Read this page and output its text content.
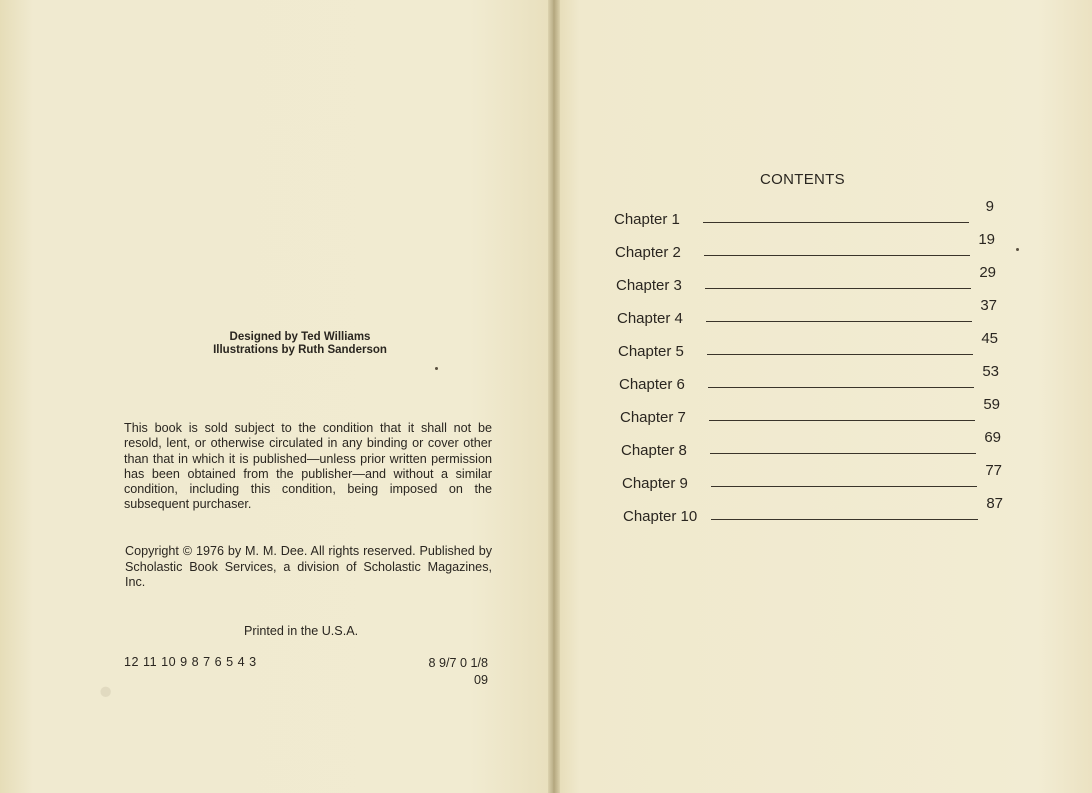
·
Designed by Ted Williams
Illustrations by Ruth Sanderson
This book is sold subject to the condition that it shall not be resold, lent, or otherwise circulated in any binding or cover other than that in which it is published—unless prior written permission has been obtained from the publisher—and without a similar condition, including this condition, being imposed on the subsequent purchaser.
Copyright © 1976 by M. M. Dee. All rights reserved. Published by Scholastic Book Services, a division of Scholastic Magazines, Inc.
Printed in the U.S.A.
12 11 10 9 8 7 6 5 4 3	8 9/7 0 1/8
09
CONTENTS
Chapter 1
9
Chapter 2
19
Chapter 3
29
Chapter 4
37
Chapter 5
45
Chapter 6
53
Chapter 7
59
Chapter 8
69
Chapter 9
77
Chapter 10
87
